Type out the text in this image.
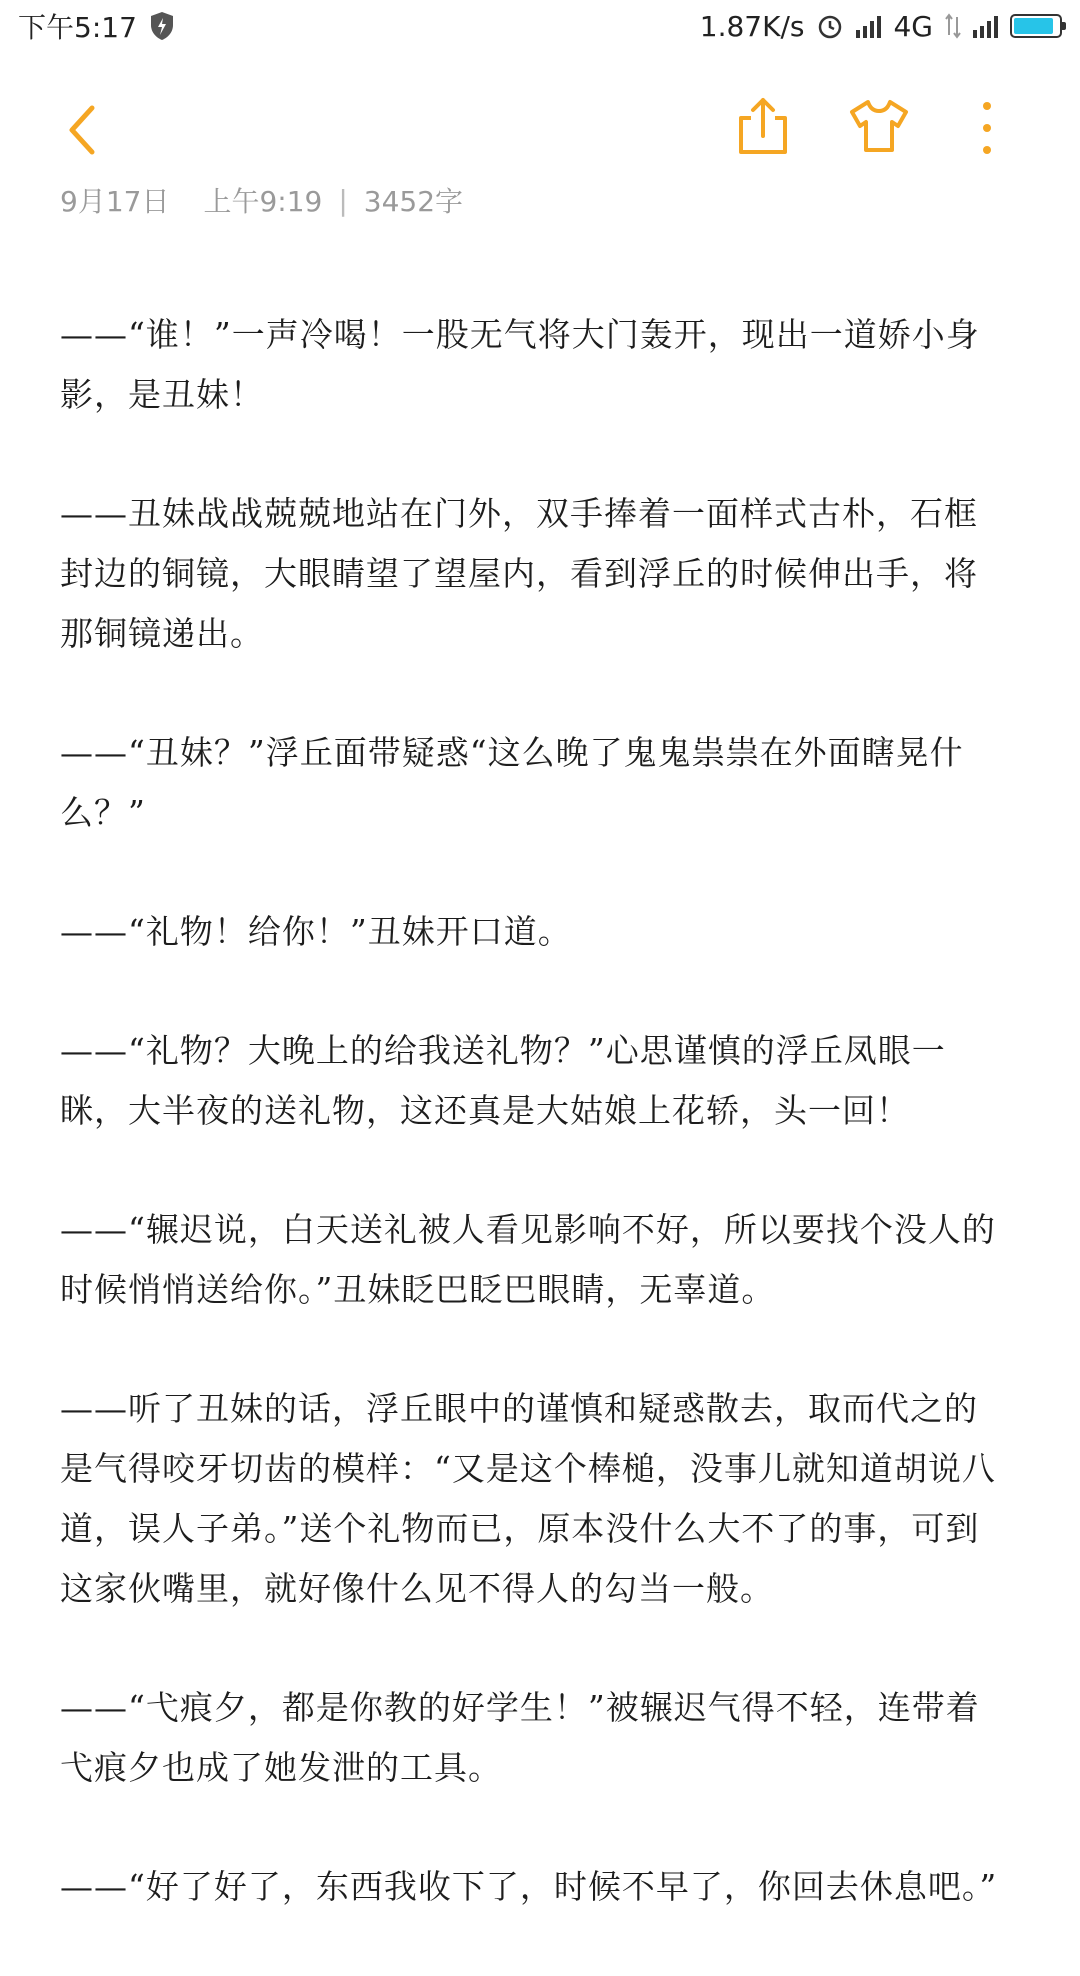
下午5:17	1.87K/s	4G
9月17日 上午9:19 | 3452字

——“谁！”一声冷喝！一股无气将大门轰开，现出一道娇小身影，是丑妹！

——丑妹战战兢兢地站在门外，双手捧着一面样式古朴，石框封边的铜镜，大眼睛望了望屋内，看到浮丘的时候伸出手，将那铜镜递出。

——“丑妹？”浮丘面带疑惑“这么晚了鬼鬼祟祟在外面瞎晃什么？”

——“礼物！给你！”丑妹开口道。

——“礼物？大晚上的给我送礼物？”心思谨慎的浮丘凤眼一眯，大半夜的送礼物，这还真是大姑娘上花轿，头一回！

——“辗迟说，白天送礼被人看见影响不好，所以要找个没人的时候悄悄送给你。”丑妹眨巴眨巴眼睛，无辜道。

——听了丑妹的话，浮丘眼中的谨慎和疑惑散去，取而代之的是气得咬牙切齿的模样：“又是这个棒槌，没事儿就知道胡说八道，误人子弟。”送个礼物而已，原本没什么大不了的事，可到这家伙嘴里，就好像什么见不得人的勾当一般。

——“弋痕夕，都是你教的好学生！”被辗迟气得不轻，连带着弋痕夕也成了她发泄的工具。

——“好了好了，东西我收下了，时候不早了，你回去休息吧。”
